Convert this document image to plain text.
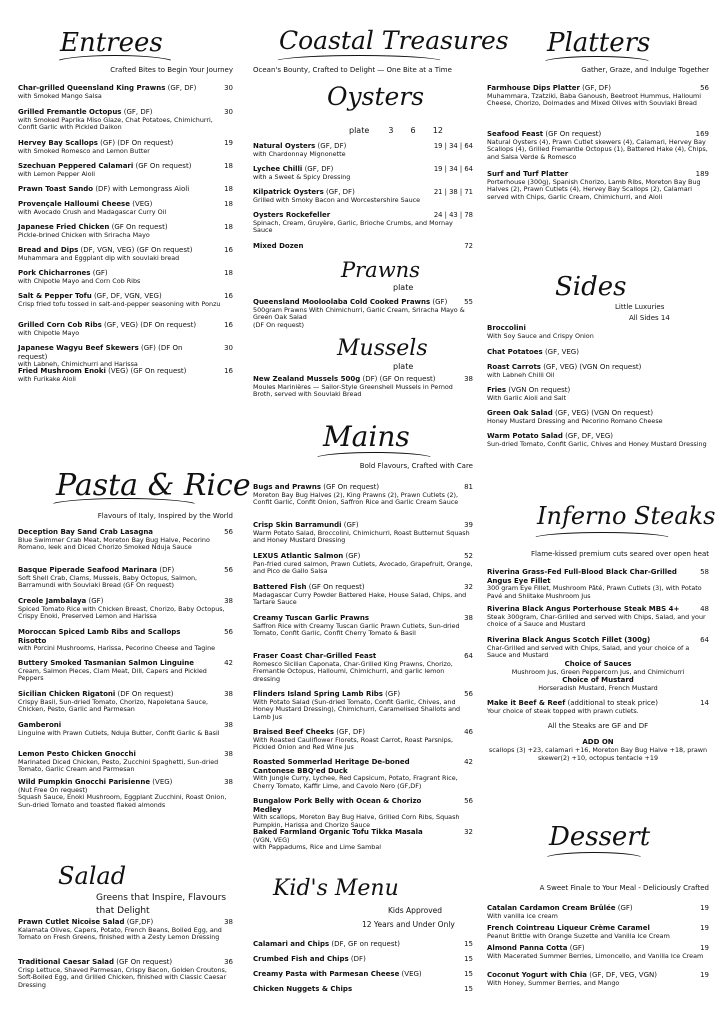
Entrees
Crafted Bites to Begin Your Journey
Pasta & Rice
Flavours of Italy, Inspired by the World
Salad
Greens that Inspire, Flavours that Delight
Char-grilled Queensland King Prawns (GF, DF)
with Smoked Mango Salsa
30
Grilled Fremantle Octopus (GF, DF)
with Smoked Paprika Miso Glaze, Chat Potatoes, Chimichurri, Confit Garlic with Pickled Daikon
30
Hervey Bay Scallops (GF) (DF On request)
with Smoked Romesco and Lemon Butter
19
Szechuan Peppered Calamari (GF On request)
with Lemon Pepper Aioli
18
Prawn Toast Sando (DF) with Lemongrass Aioli	18
Provençale Halloumi Cheese (VEG)
with Avocado Crush and Madagascar Curry Oil
18
Japanese Fried Chicken (GF On request)
Pickle-brined Chicken with Sriracha Mayo
18
Bread and Dips (DF, VGN, VEG) (GF On request)
Muhammara and Eggplant dip with souvlaki bread
16
Pork Chicharrones (GF)
with Chipotle Mayo and Corn Cob Ribs
18
Salt & Pepper Tofu (GF, DF, VGN, VEG)
Crisp fried tofu tossed in salt-and-pepper seasoning with Ponzu
16
Grilled Corn Cob Ribs (GF, VEG) (DF On request)
with Chipotle Mayo
16
Japanese Wagyu Beef Skewers (GF) (DF On request)
with Labneh, Chimichurri and Harissa
30
Fried Mushroom Enoki (VEG) (GF On request)
with Furikake Aioli
16
Deception Bay Sand Crab Lasagna
Blue Swimmer Crab Meat, Moreton Bay Bug Halve, Pecorino Romano, leek and Diced Chorizo Smoked Nduja Sauce
56
Basque Piperade Seafood Marinara (DF)
Soft Shell Crab, Clams, Mussels, Baby Octopus, Salmon, Barramundi with Souvlaki Bread (GF On request)
56
Creole Jambalaya (GF)
Spiced Tomato Rice with Chicken Breast, Chorizo, Baby Octopus, Crispy Enoki, Preserved Lemon and Harissa
38
Moroccan Spiced Lamb Ribs and Scallops Risotto
with Porcini Mushrooms, Harissa, Pecorino Cheese and Tagine
56
Buttery Smoked Tasmanian Salmon Linguine
Cream, Salmon Pieces, Clam Meat, Dill, Capers and Pickled Peppers
42
Sicilian Chicken Rigatoni (DF On request)
Crispy Basil, Sun-dried Tomato, Chorizo, Napoletana Sauce, Chicken, Pesto, Garlic and Parmesan
38
Gamberoni
Linguine with Prawn Cutlets, Nduja Butter, Confit Garlic & Basil
38
Lemon Pesto Chicken Gnocchi
Marinated Diced Chicken, Pesto, Zucchini Spaghetti, Sun-dried Tomato, Garlic Cream and Parmesan
38
Wild Pumpkin Gnocchi Parisienne (VEG)
(Nut Free On request)
Squash Sauce, Enoki Mushroom, Eggplant Zucchini, Roast Onion, Sun-dried Tomato and toasted flaked almonds
38
Prawn Cutlet Nicoise Salad (GF,DF)
Kalamata Olives, Capers, Potato, French Beans, Boiled Egg, and Tomato on Fresh Greens, finished with a Zesty Lemon Dressing
38
Traditional Caesar Salad (GF On request)
Crisp Lettuce, Shaved Parmesan, Crispy Bacon, Golden Croutons, Soft-Boiled Egg, and Grilled Chicken, finished with Classic Caesar Dressing
36
Coastal Treasures
Ocean's Bounty, Crafted to Delight — One Bite at a Time
Oysters
plate 3 6 12
Prawns
plate
Mussels
plate
Mains
Bold Flavours, Crafted with Care
Kid's Menu
Kids Approved
12 Years and Under Only
Natural Oysters (GF, DF)
with Chardonnay Mignonette
19 | 34 | 64
Lychee Chilli (GF, DF)
with a Sweet & Spicy Dressing
19 | 34 | 64
Kilpatrick Oysters (GF, DF)
Grilled with Smoky Bacon and Worcestershire Sauce
21 | 38 | 71
Oysters Rockefeller
Spinach, Cream, Gruyère, Garlic, Brioche Crumbs, and Mornay Sauce
24 | 43 | 78
Mixed Dozen	72
Queensland Mooloolaba Cold Cooked Prawns (GF)
500gram Prawns With Chimichurri, Garlic Cream, Sriracha Mayo & Green Oak Salad
(DF On request)
55
New Zealand Mussels 500g (DF) (GF On request)
Moules Marinières — Sailor-Style Greenshell Mussels in Pernod Broth, served with Souvlaki Bread
38
Bugs and Prawns (GF On request)
Moreton Bay Bug Halves (2), King Prawns (2), Prawn Cutlets (2), Confit Garlic, Confit Onion, Saffron Rice and Garlic Cream Sauce
81
Crisp Skin Barramundi (GF)
Warm Potato Salad, Broccolini, Chimichurri, Roast Butternut Squash and Honey Mustard Dressing
39
LEXUS Atlantic Salmon (GF)
Pan-fried cured salmon, Prawn Cutlets, Avocado, Grapefruit, Orange, and Pico de Gallo Salsa
52
Battered Fish (GF On request)
Madagascar Curry Powder Battered Hake, House Salad, Chips, and Tartare Sauce
32
Creamy Tuscan Garlic Prawns
Saffron Rice with Creamy Tuscan Garlic Prawn Cutlets, Sun-dried Tomato, Confit Garlic, Confit Cherry Tomato & Basil
38
Fraser Coast Char-Grilled Feast
Romesco Sicilian Caponata, Char-Grilled King Prawns, Chorizo, Fremantle Octopus, Halloumi, Chimichurri, and garlic lemon dressing
64
Flinders Island Spring Lamb Ribs (GF)
With Potato Salad (Sun-dried Tomato, Confit Garlic, Chives, and Honey Mustard Dressing), Chimichurri, Caramelised Shallots and Lamb Jus
56
Braised Beef Cheeks (GF, DF)
With Roasted Cauliflower Florets, Roast Carrot, Roast Parsnips, Pickled Onion and Red Wine Jus
46
Roasted Sommerlad Heritage De-boned Cantonese BBQ'ed Duck
With Jungle Curry, Lychee, Red Capsicum, Potato, Fragrant Rice, Cherry Tomato, Kaffir Lime, and Cavolo Nero (GF,DF)
42
Bungalow Pork Belly with Ocean & Chorizo Medley
With scallops, Moreton Bay Bug Halve, Grilled Corn Ribs, Squash Pumpkin, Harissa and Chorizo Sauce
56
Baked Farmland Organic Tofu Tikka Masala
(VGN, VEG)
with Pappadums, Rice and Lime Sambal
32
Calamari and Chips (DF, GF on request)	15
Crumbed Fish and Chips (DF)	15
Creamy Pasta with Parmesan Cheese (VEG)	15
Chicken Nuggets & Chips	15
Platters
Gather, Graze, and Indulge Together
Sides
Little Luxuries
All Sides 14
Inferno Steaks
Flame-kissed premium cuts seared over open heat
Choice of Sauces
Mushroom Jus, Green Peppercorn Jus, and Chimichurri
Choice of Mustard
Horseradish Mustard, French Mustard
Make it Beef & Reef (additional to steak price)
Your choice of steak topped with prawn cutlets.
14
All the Steaks are GF and DF
ADD ON
scallops (3) +23, calamari +16, Moreton Bay Bug Halve +18, prawn skewer(2) +10, octopus tentacle +19
Dessert
A Sweet Finale to Your Meal - Deliciously Crafted
Farmhouse Dips Platter (GF, DF)
Muhammara, Tzatziki, Baba Ganoush, Beetroot Hummus, Halloumi Cheese, Chorizo, Dolmades and Mixed Olives with Souvlaki Bread
56
Seafood Feast (GF On request)
Natural Oysters (4), Prawn Cutlet skewers (4), Calamari, Hervey Bay Scallops (4), Grilled Fremantle Octopus (1), Battered Hake (4), Chips, and Salsa Verde & Romesco
169
Surf and Turf Platter
Porterhouse (300g), Spanish Chorizo, Lamb Ribs, Moreton Bay Bug Halves (2), Prawn Cutlets (4), Hervey Bay Scallops (2), Calamari served with Chips, Garlic Cream, Chimichurri, and Aioli
189
Broccolini
With Soy Sauce and Crispy Onion
Chat Potatoes (GF, VEG)
Roast Carrots (GF, VEG) (VGN On request)
with Labneh Chilli Oil
Fries (VGN On request)
With Garlic Aioli and Salt
Green Oak Salad (GF, VEG) (VGN On request)
Honey Mustard Dressing and Pecorino Romano Cheese
Warm Potato Salad (GF, DF, VEG)
Sun-dried Tomato, Confit Garlic, Chives and Honey Mustard Dressing
Riverina Grass-Fed Full-Blood Black Char-Grilled Angus Eye Fillet
300 gram Eye Fillet, Mushroom Pâté, Prawn Cutlets (3), with Potato Pavé and Shiitake Mushroom Jus
58
Riverina Black Angus Porterhouse Steak MBS 4+
Steak 300gram, Char-Grilled and served with Chips, Salad, and your choice of a Sauce and Mustard
48
Riverina Black Angus Scotch Fillet (300g)
Char-Grilled and served with Chips, Salad, and your choice of a Sauce and Mustard
64
Catalan Cardamon Cream Brûlée (GF)
With vanilla ice cream
19
French Cointreau Liqueur Crème Caramel
Peanut Brittle with Orange Suzette and Vanilla Ice Cream
19
Almond Panna Cotta (GF)
With Macerated Summer Berries, Limoncello, and Vanilla Ice Cream
19
Coconut Yogurt with Chia (GF, DF, VEG, VGN)
With Honey, Summer Berries, and Mango
19
